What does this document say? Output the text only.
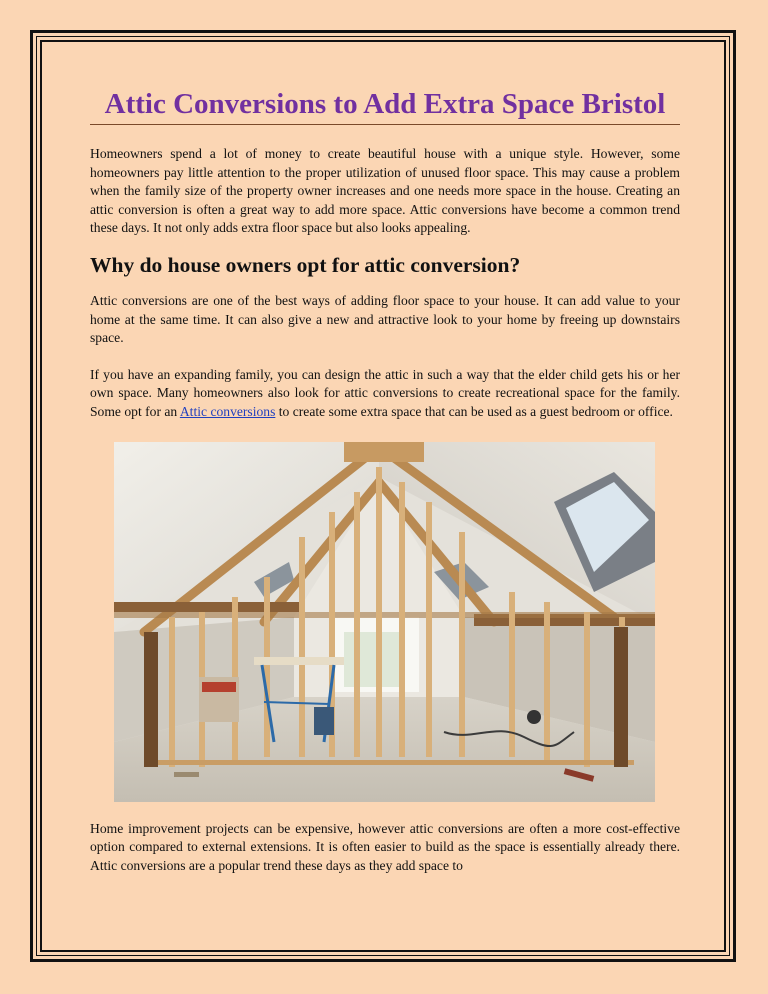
Attic Conversions to Add Extra Space Bristol

Homeowners spend a lot of money to create beautiful house with a unique style. However, some homeowners pay little attention to the proper utilization of unused floor space. This may cause a problem when the family size of the property owner increases and one needs more space in the house. Creating an attic conversion is often a great way to add more space. Attic conversions have become a common trend these days. It not only adds extra floor space but also looks appealing.

Why do house owners opt for attic conversion?

Attic conversions are one of the best ways of adding floor space to your house. It can add value to your home at the same time. It can also give a new and attractive look to your home by freeing up downstairs space.

If you have an expanding family, you can design the attic in such a way that the elder child gets his or her own space. Many homeowners also look for attic conversions to create recreational space for the family. Some opt for an Attic conversions to create some extra space that can be used as a guest bedroom or office.

Home improvement projects can be expensive, however attic conversions are often a more cost-effective option compared to external extensions. It is often easier to build as the space is essentially already there. Attic conversions are a popular trend these days as they add space to
